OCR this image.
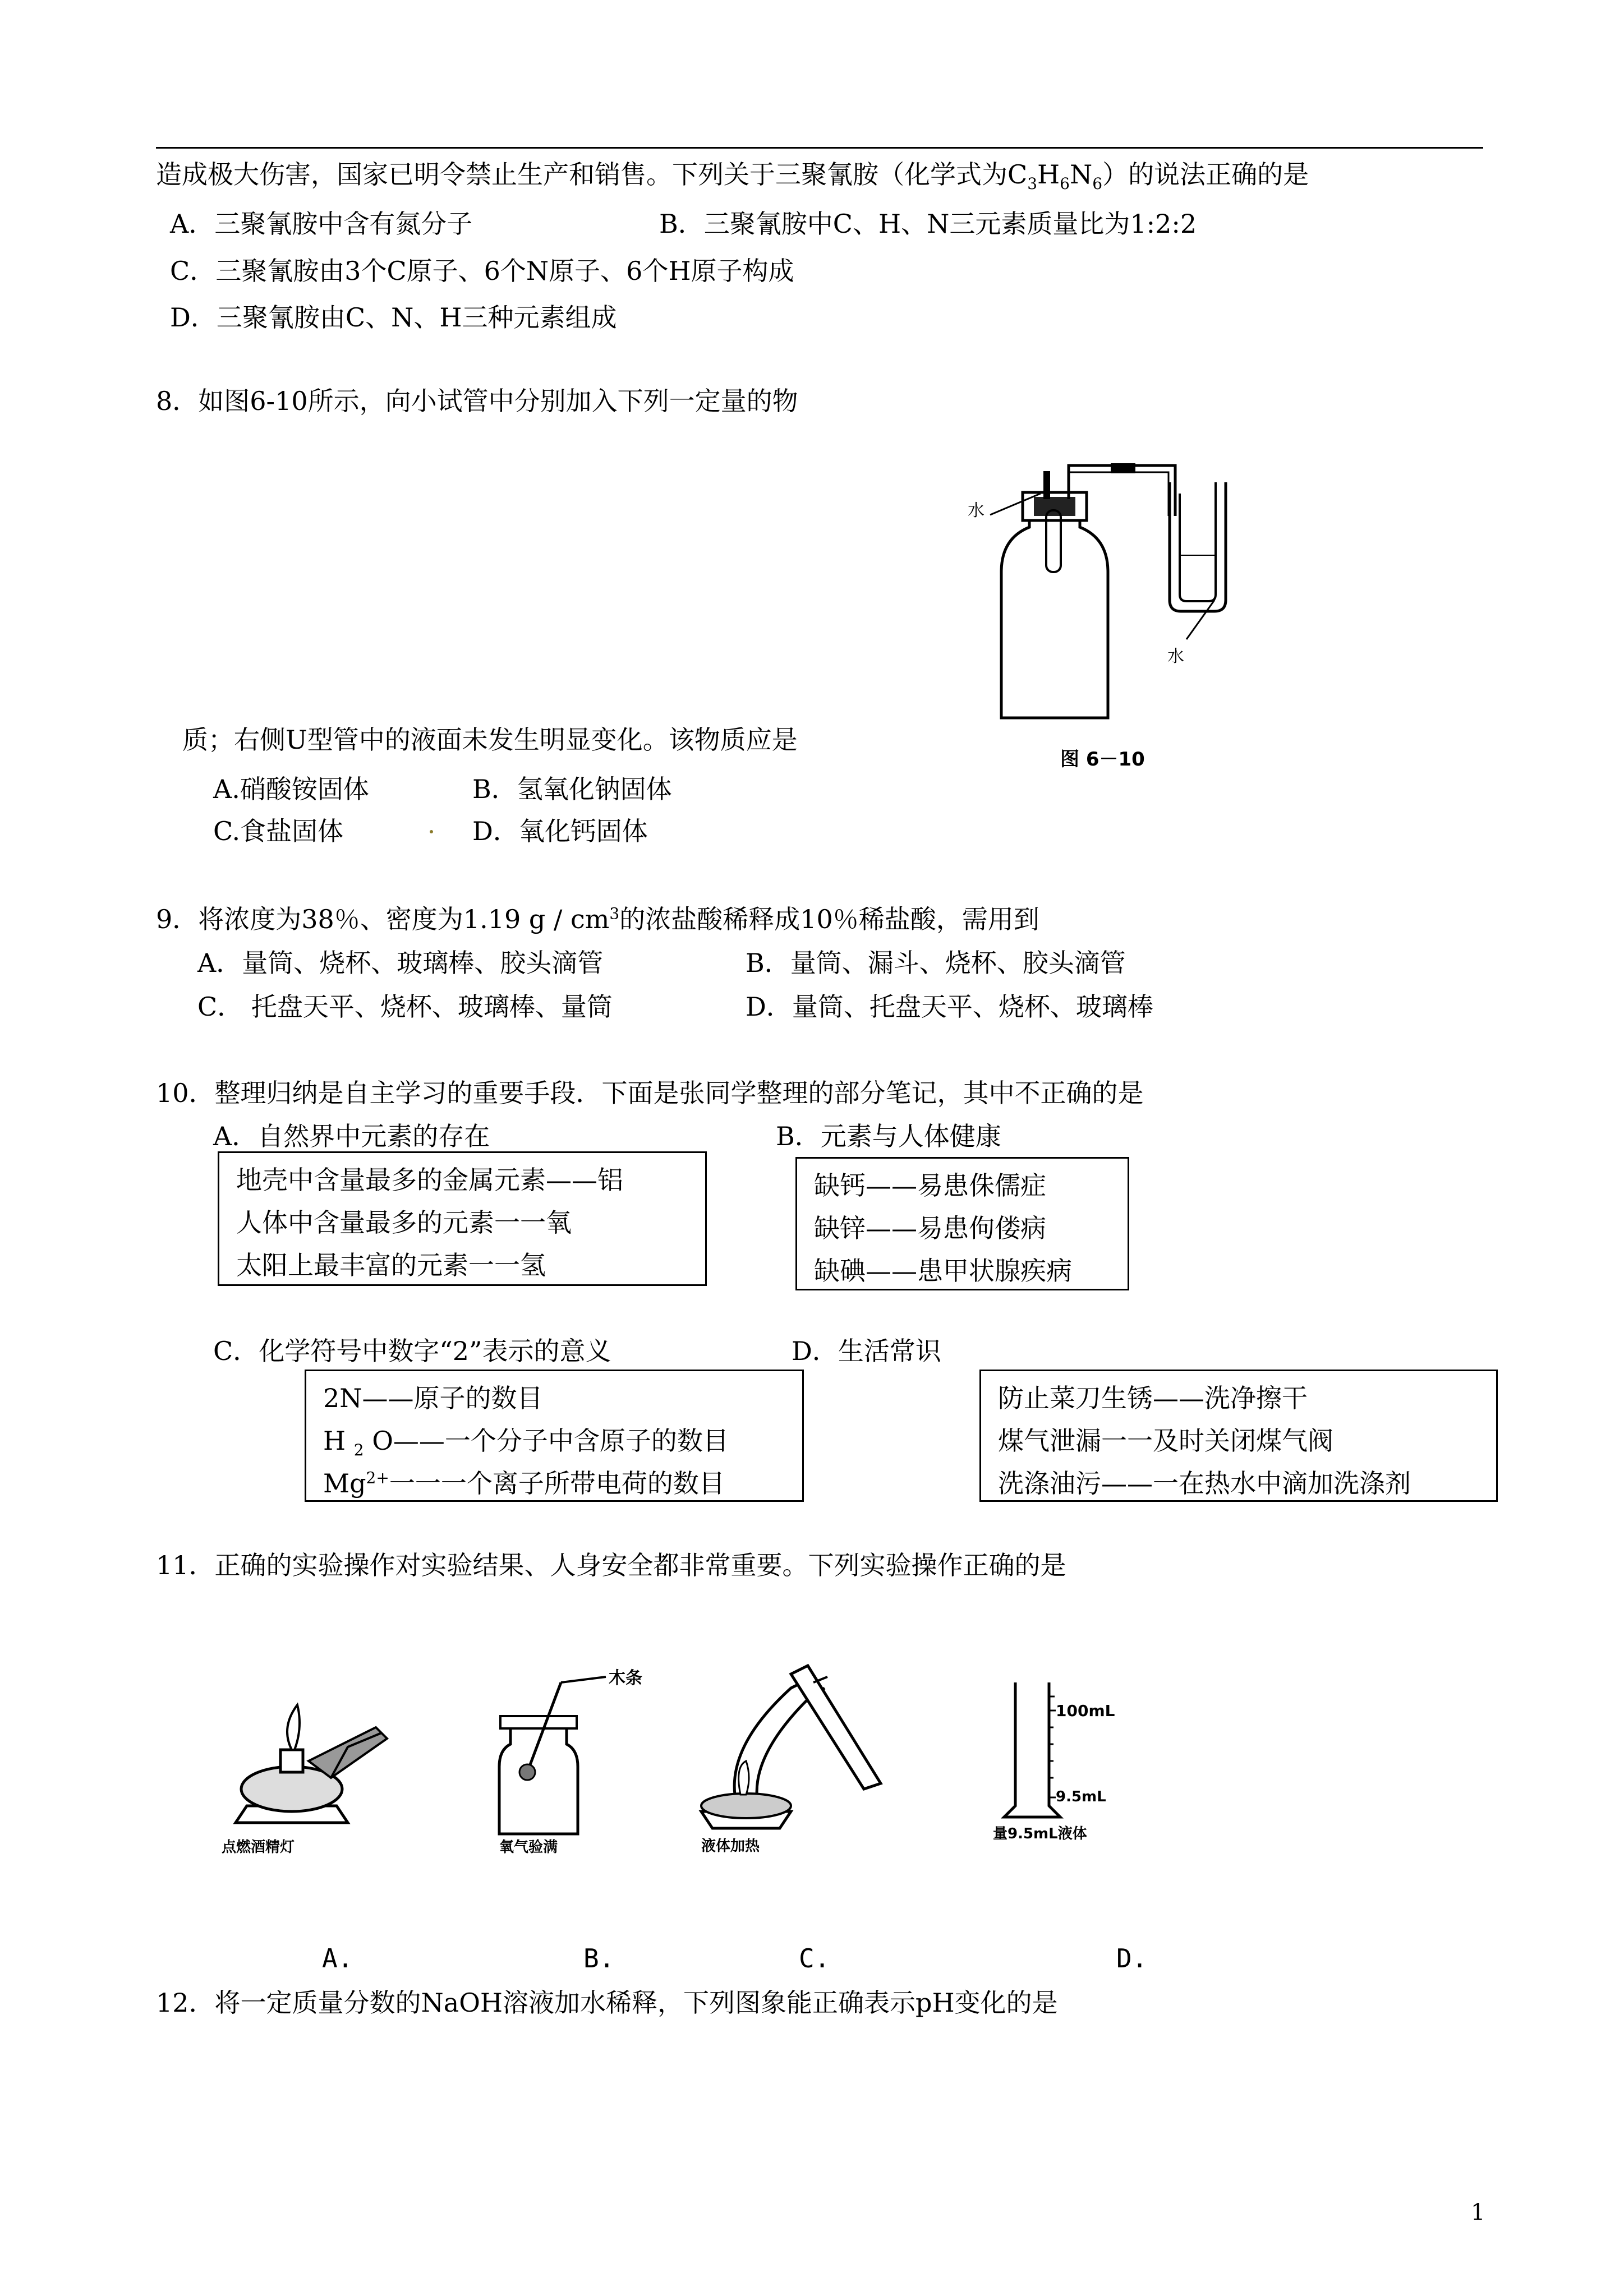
造成极大伤害，国家已明令禁止生产和销售。下列关于三聚氰胺（化学式为$C_3H_6N_6$）的说法正确的是
A．三聚氰胺中含有氮分子	B．三聚氰胺中C、H、N三元素质量比为1:2:2
C．三聚氰胺由3个C原子、6个N原子、6个H原子构成
D．三聚氰胺由C、N、H三种元素组成
8．如图6-10所示，向小试管中分别加入下列一定量的物
水
水
图 6－10
质；右侧U型管中的液面未发生明显变化。该物质应是
A.硝酸铵固体	B．氢氧化钠固体
C.食盐固体	D．氧化钙固体
9．将浓度为38％、密度为1.19 g / $cm^3$的浓盐酸稀释成10％稀盐酸，需用到
A．量筒、烧杯、玻璃棒、胶头滴管	B．量筒、漏斗、烧杯、胶头滴管
C． 托盘天平、烧杯、玻璃棒、量筒	D．量筒、托盘天平、烧杯、玻璃棒
10．整理归纳是自主学习的重要手段．下面是张同学整理的部分笔记，其中不正确的是
A．自然界中元素的存在	B．元素与人体健康
地壳中含量最多的金属元素——铝
人体中含量最多的元素一一氧
太阳上最丰富的元素一一氢
缺钙——易患侏儒症
缺锌——易患佝偻病
缺碘——患甲状腺疾病
C．化学符号中数字“2”表示的意义	D．生活常识
2N——原子的数目
H $_2$ O——一个分子中含原子的数目
$Mg^{2+}$一一一个离子所带电荷的数目
防止菜刀生锈——洗净擦干
煤气泄漏一一及时关闭煤气阀
洗涤油污——一在热水中滴加洗涤剂
11．正确的实验操作对实验结果、人身安全都非常重要。下列实验操作正确的是
点燃酒精灯
木条
氧气验满	液体加热
100mL
9.5mL
量9.5mL液体
A.	B.	C.	D.
12．将一定质量分数的NaOH溶液加水稀释，下列图象能正确表示pH变化的是
1
